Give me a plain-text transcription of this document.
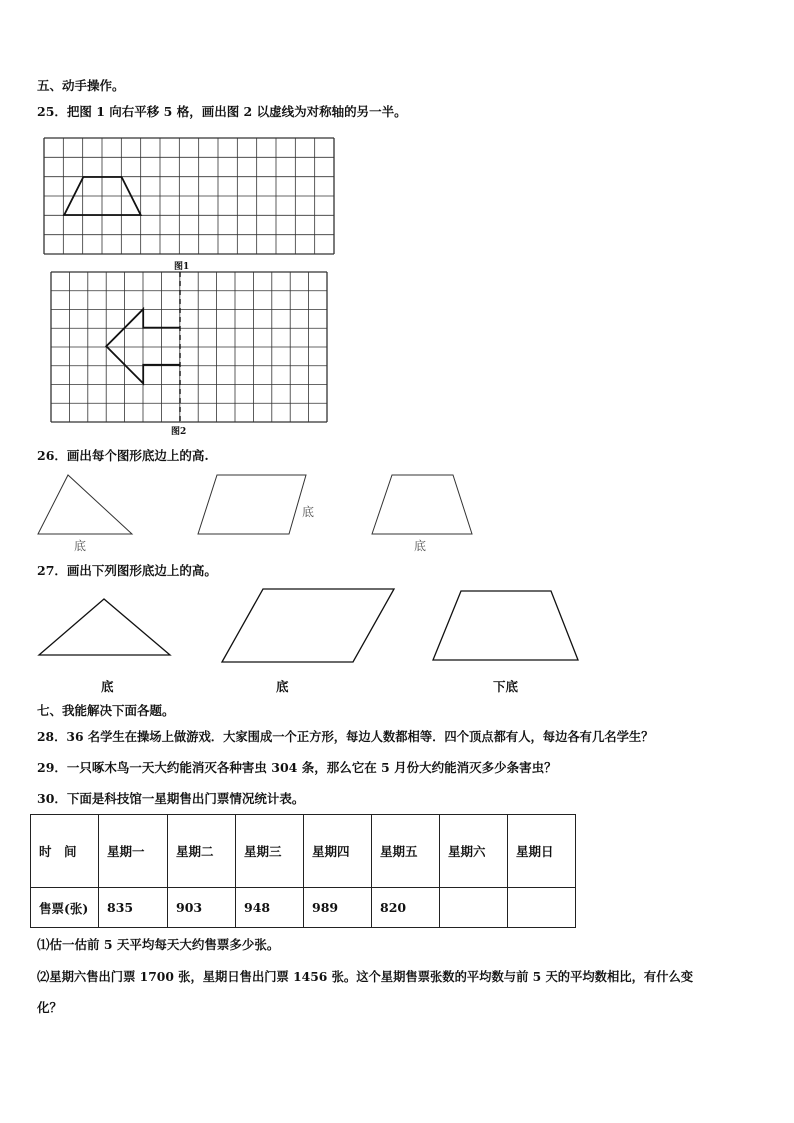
五、动手操作。
25．把图 1 向右平移 5 格，画出图 2 以虚线为对称轴的另一半。
图1
图2
26．画出每个图形底边上的高.
底
底
底
27．画出下列图形底边上的高。
底	底	下底
七、我能解决下面各题。
28．36 名学生在操场上做游戏．大家围成一个正方形，每边人数都相等．四个顶点都有人，每边各有几名学生？
29．一只啄木鸟一天大约能消灭各种害虫 304 条，那么它在 5 月份大约能消灭多少条害虫？
30．下面是科技馆一星期售出门票情况统计表。
时　间	星期一	星期二	星期三	星期四	星期五	星期六	星期日
售票(张)	835	903	948	989	820		
⑴估一估前 5 天平均每天大约售票多少张。
⑵星期六售出门票 1700 张，星期日售出门票 1456 张。这个星期售票张数的平均数与前 5 天的平均数相比，有什么变
化？
